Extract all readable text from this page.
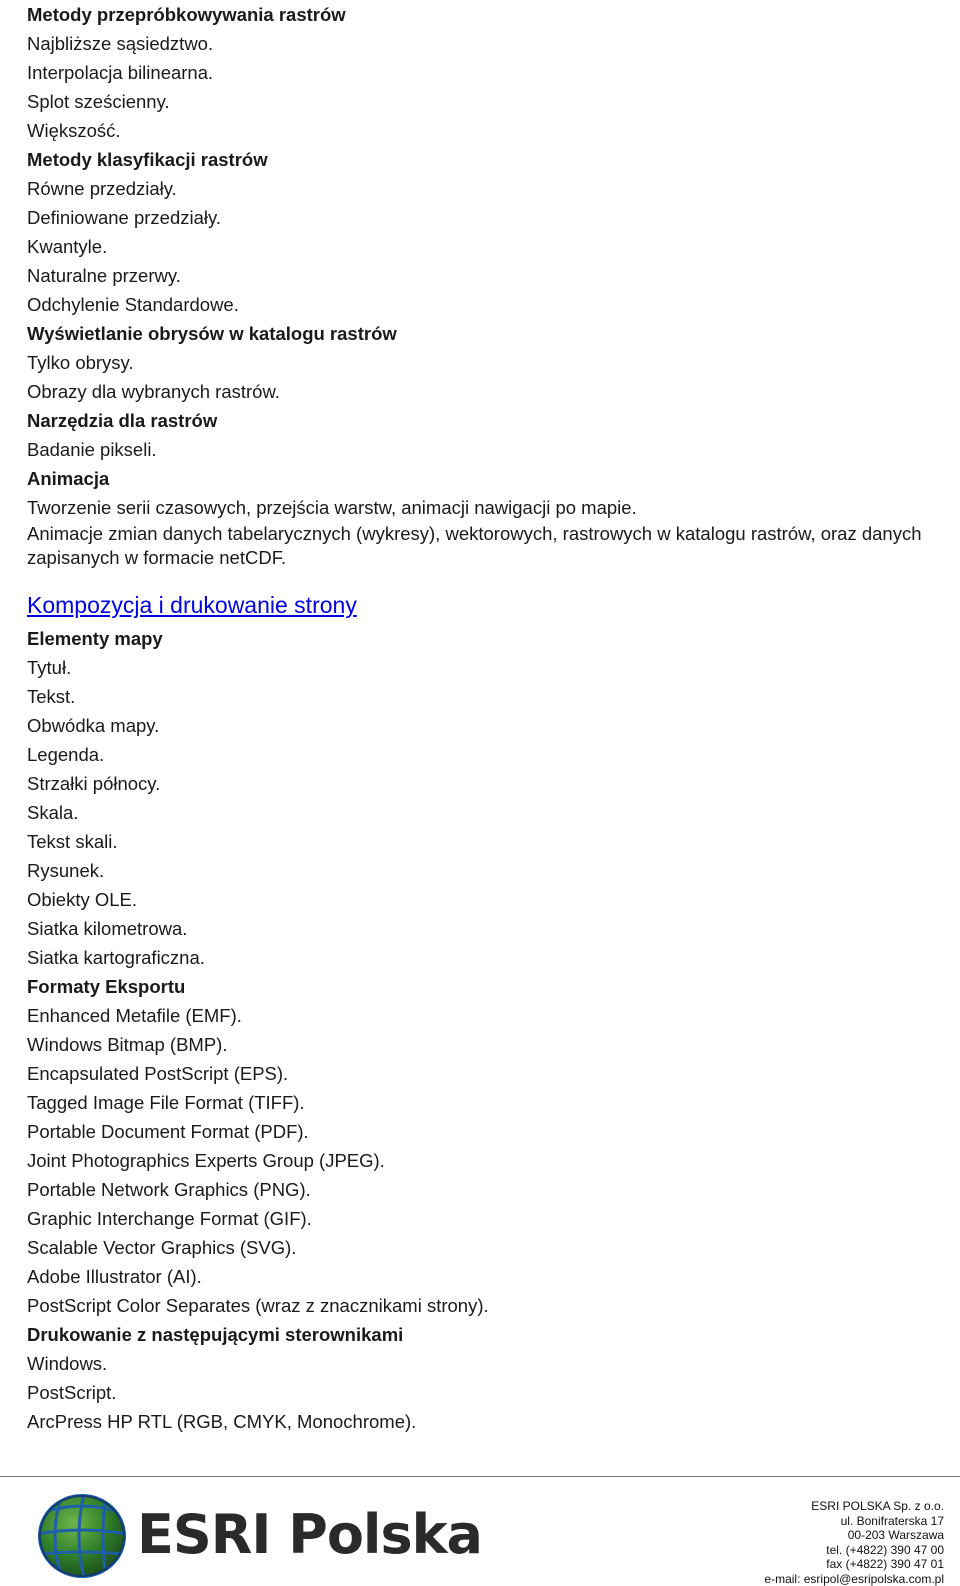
Metody przepróbkowywania rastrów
Najbliższe sąsiedztwo.
Interpolacja bilinearna.
Splot sześcienny.
Większość.
Metody klasyfikacji rastrów
Równe przedziały.
Definiowane przedziały.
Kwantyle.
Naturalne przerwy.
Odchylenie Standardowe.
Wyświetlanie obrysów w katalogu rastrów
Tylko obrysy.
Obrazy dla wybranych rastrów.
Narzędzia dla rastrów
Badanie pikseli.
Animacja
Tworzenie serii czasowych, przejścia warstw, animacji nawigacji po mapie.
Animacje zmian danych tabelarycznych (wykresy), wektorowych, rastrowych w katalogu rastrów, oraz danych zapisanych w formacie netCDF.
Kompozycja i drukowanie strony
Elementy mapy
Tytuł.
Tekst.
Obwódka mapy.
Legenda.
Strzałki północy.
Skala.
Tekst skali.
Rysunek.
Obiekty OLE.
Siatka kilometrowa.
Siatka kartograficzna.
Formaty Eksportu
Enhanced Metafile (EMF).
Windows Bitmap (BMP).
Encapsulated PostScript (EPS).
Tagged Image File Format (TIFF).
Portable Document Format (PDF).
Joint Photographics Experts Group (JPEG).
Portable Network Graphics (PNG).
Graphic Interchange Format (GIF).
Scalable Vector Graphics (SVG).
Adobe Illustrator (AI).
PostScript Color Separates (wraz z znacznikami strony).
Drukowanie z następującymi sterownikami
Windows.
PostScript.
ArcPress HP RTL (RGB, CMYK, Monochrome).
ESRI Polska	ESRI POLSKA Sp. z o.o.
ul. Bonifraterska 17
00-203 Warszawa
tel. (+4822) 390 47 00
fax (+4822) 390 47 01
e-mail: esripol@esripolska.com.pl
